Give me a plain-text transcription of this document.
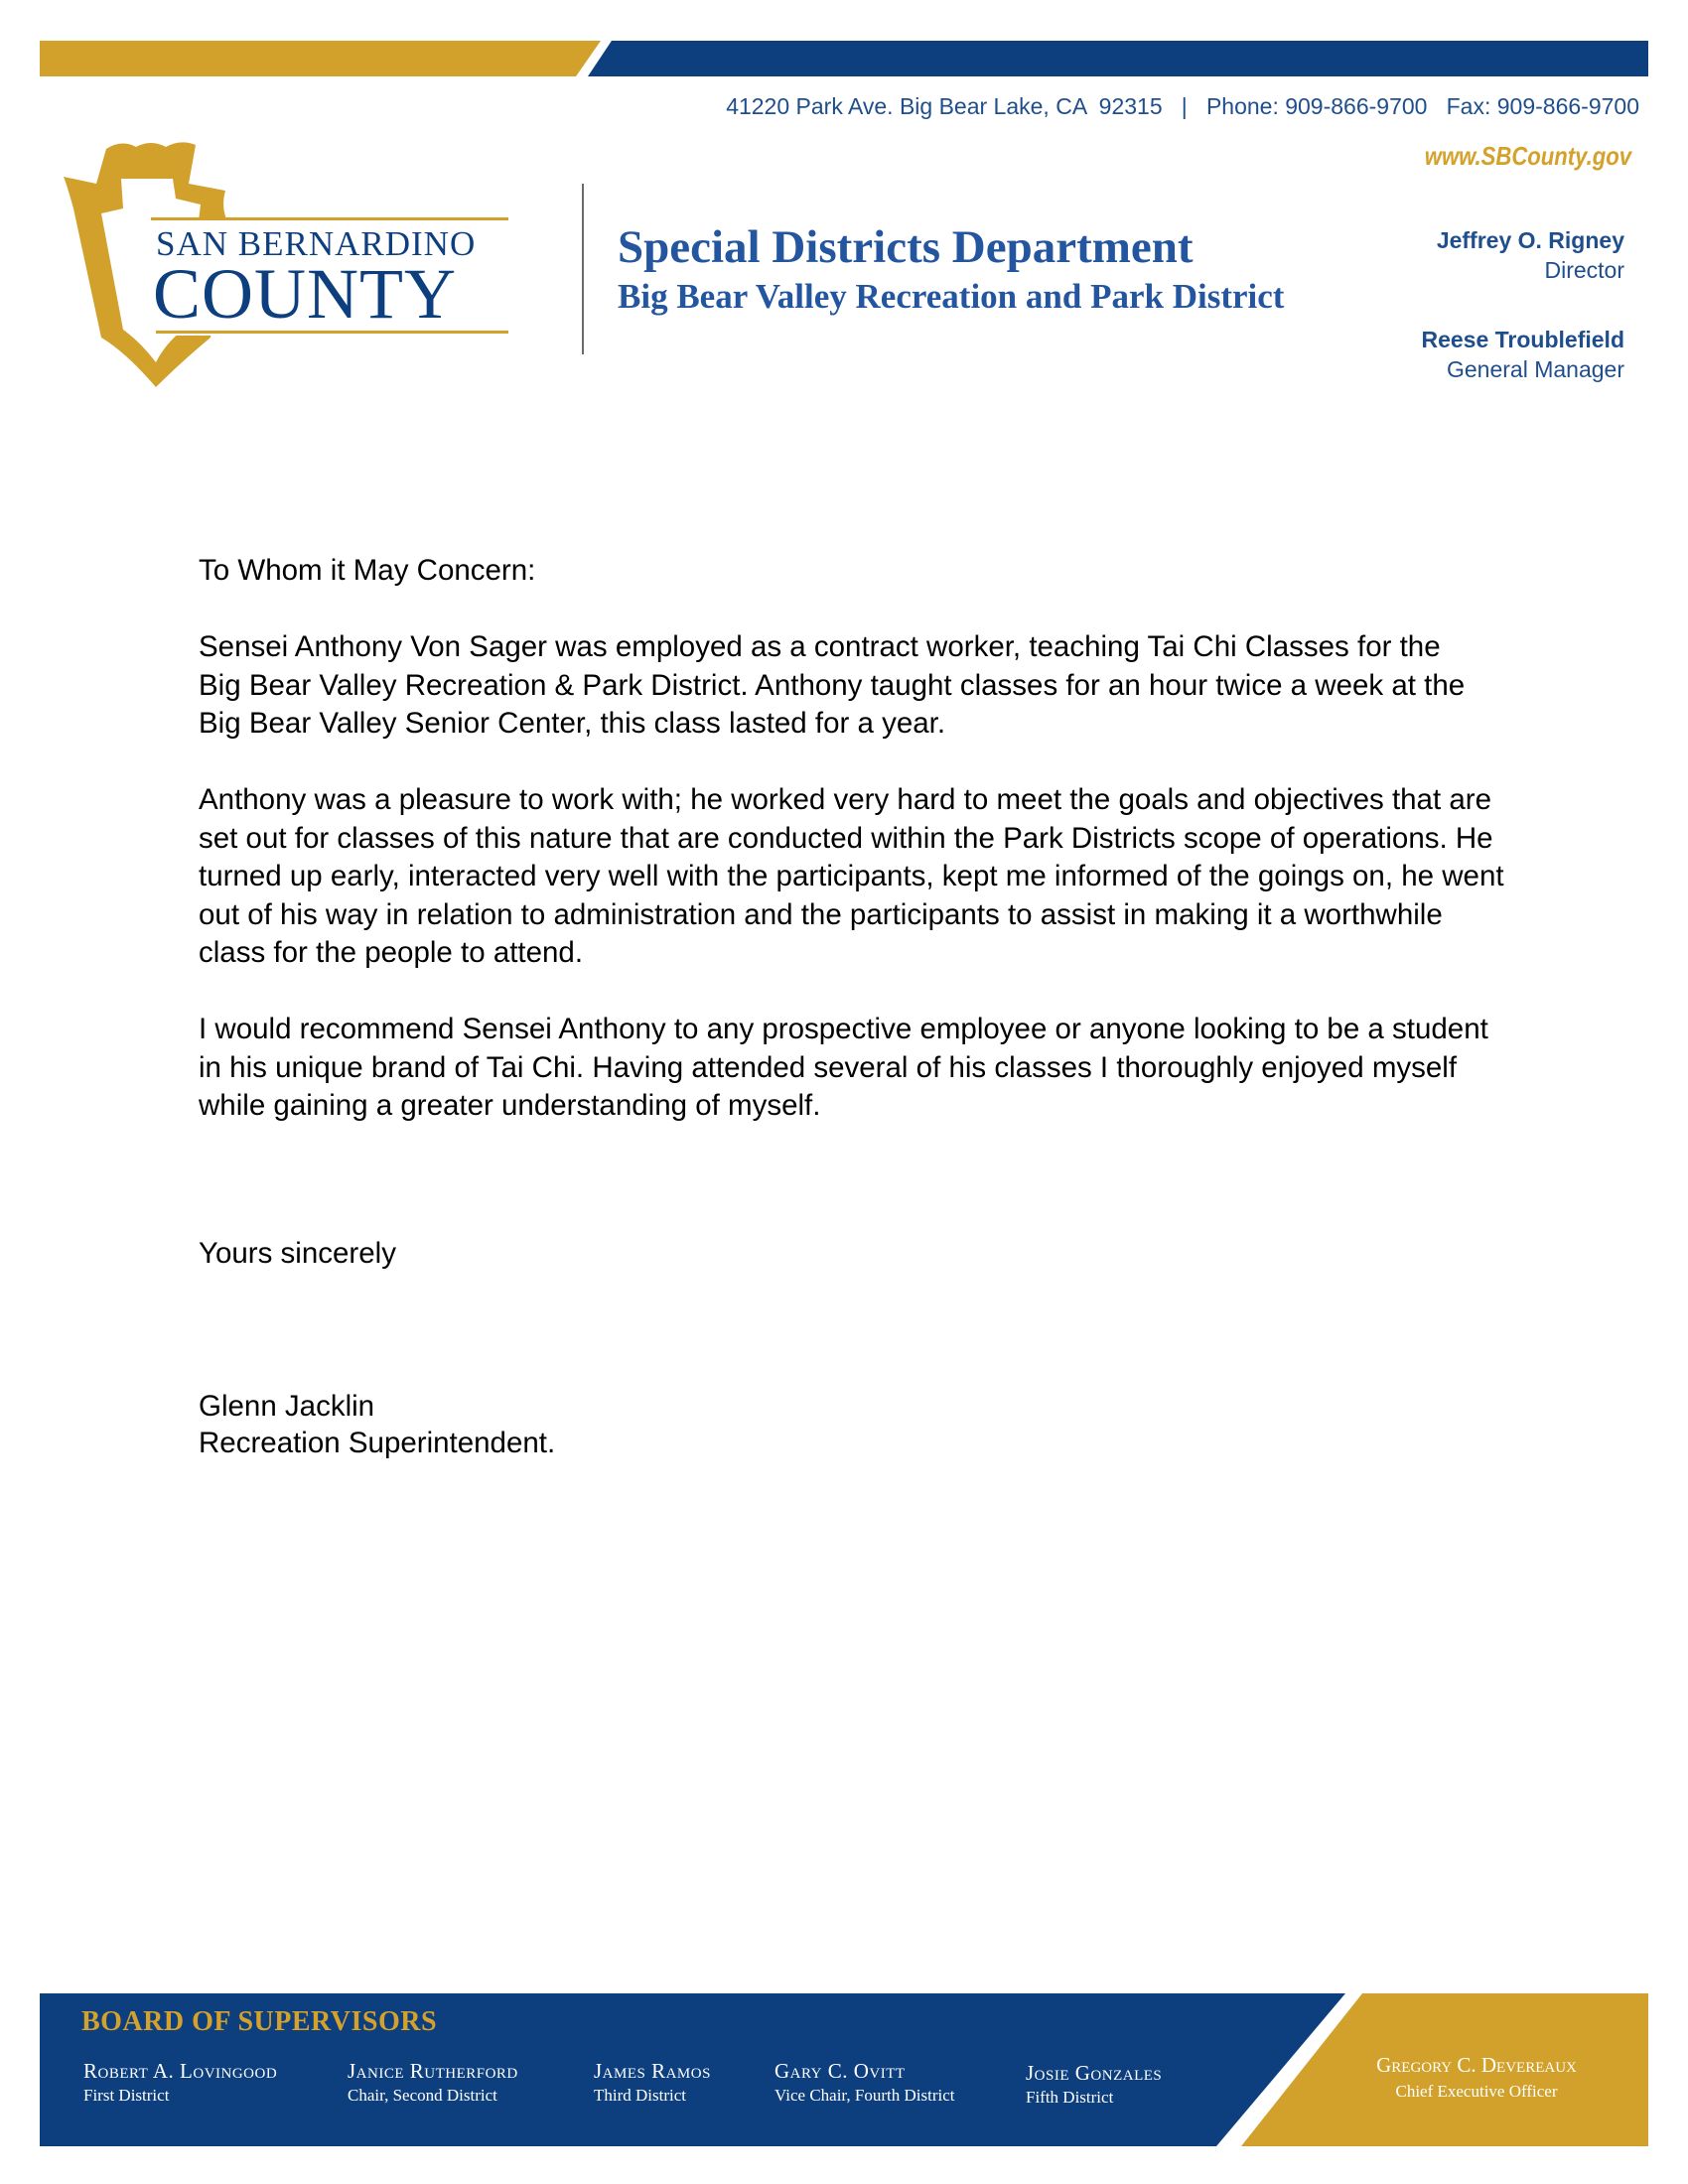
41220 Park Ave. Big Bear Lake, CA  92315   |   Phone: 909-866-9700   Fax: 909-866-9700
www.SBCounty.gov
SAN BERNARDINO
COUNTY
Special Districts Department
Big Bear Valley Recreation and Park District
Jeffrey O. Rigney
Director
Reese Troublefield
General Manager

To Whom it May Concern:

Sensei Anthony Von Sager was employed as a contract worker, teaching Tai Chi Classes for the Big Bear Valley Recreation & Park District. Anthony taught classes for an hour twice a week at the Big Bear Valley Senior Center, this class lasted for a year.

Anthony was a pleasure to work with; he worked very hard to meet the goals and objectives that are set out for classes of this nature that are conducted within the Park Districts scope of operations. He turned up early, interacted very well with the participants, kept me informed of the goings on, he went out of his way in relation to administration and the participants to assist in making it a worthwhile class for the people to attend.

I would recommend Sensei Anthony to any prospective employee or anyone looking to be a student in his unique brand of Tai Chi. Having attended several of his classes I thoroughly enjoyed myself while gaining a greater understanding of myself.

Yours sincerely
Glenn Jacklin
Recreation Superintendent.
BOARD OF SUPERVISORS
Robert A. Lovingood
First District
Janice Rutherford
Chair, Second District
James Ramos
Third District
Gary C. Ovitt
Vice Chair, Fourth District
Josie Gonzales
Fifth District
Gregory C. Devereaux
Chief Executive Officer
